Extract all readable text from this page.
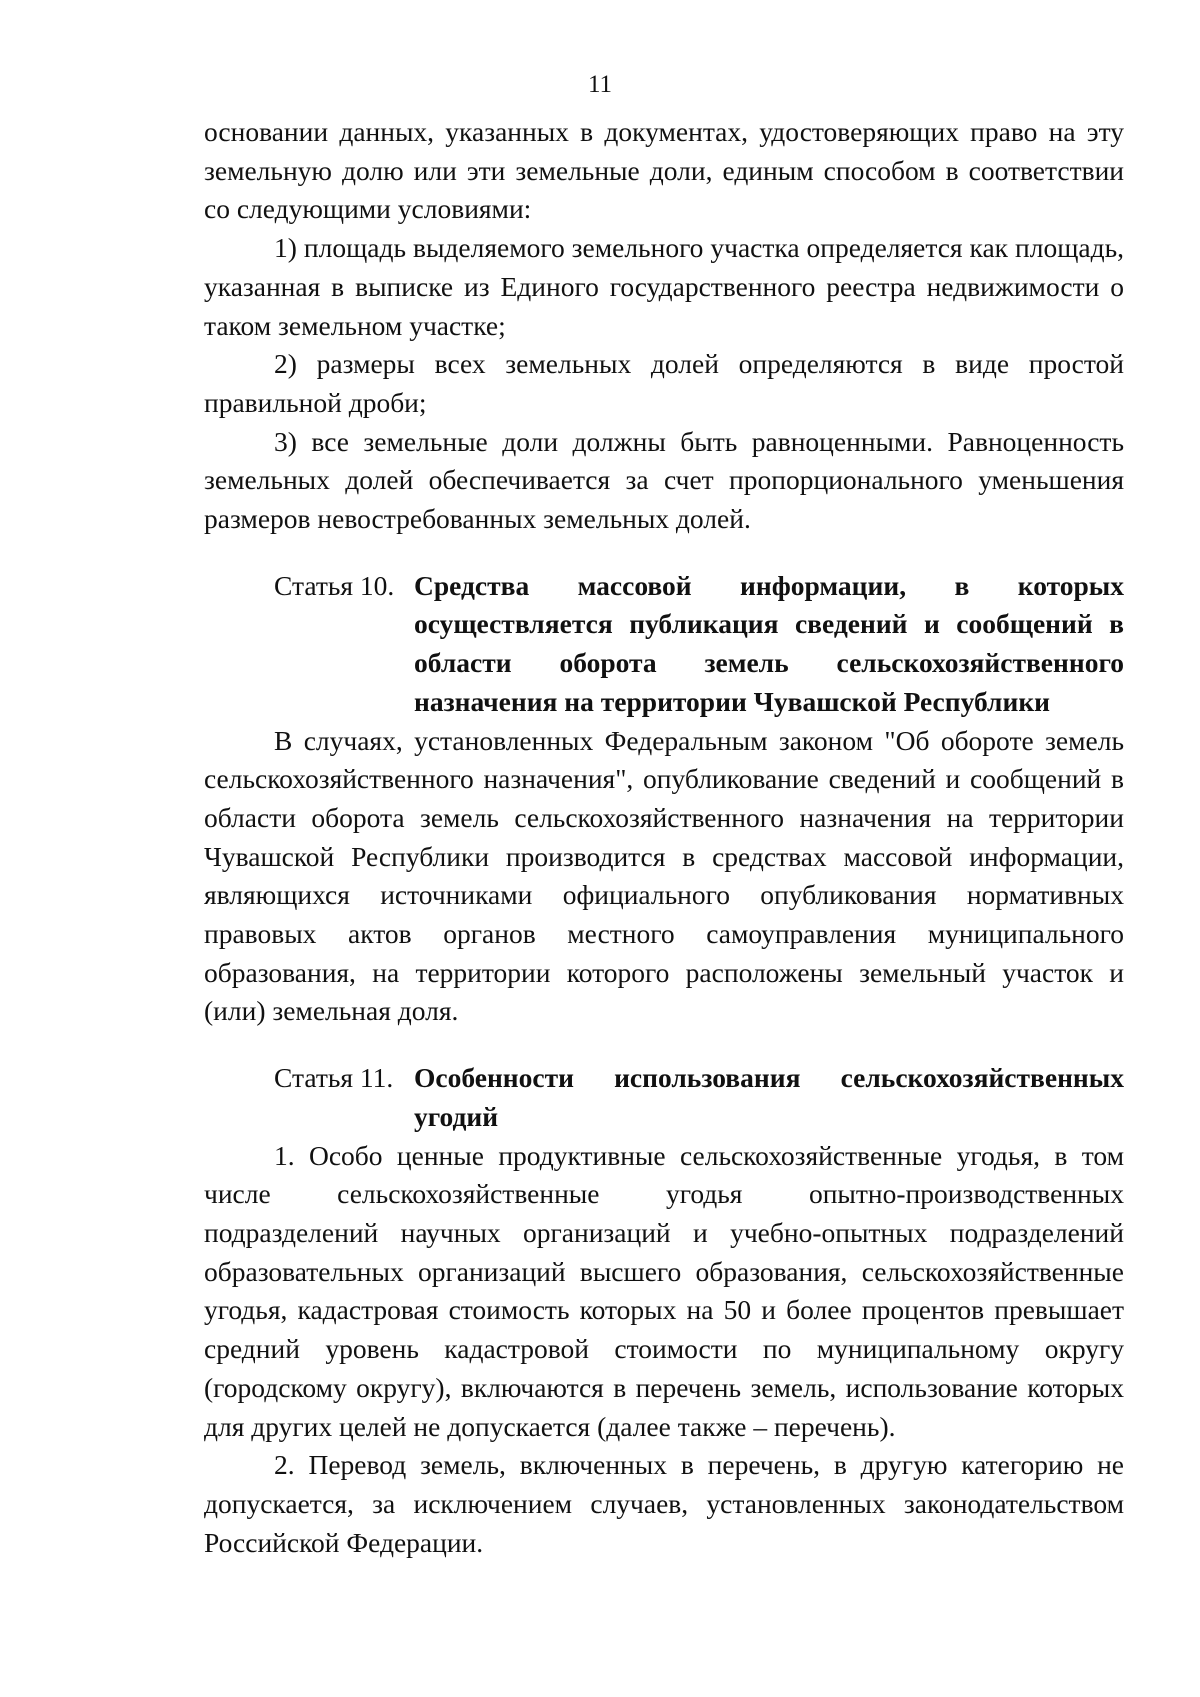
11

основании данных, указанных в документах, удостоверяющих право на эту земельную долю или эти земельные доли, единым способом в соответствии со следующими условиями:

1) площадь выделяемого земельного участка определяется как площадь, указанная в выписке из Единого государственного реестра недвижимости о таком земельном участке;

2) размеры всех земельных долей определяются в виде простой правильной дроби;

3) все земельные доли должны быть равноценными. Равноценность земельных долей обеспечивается за счет пропорционального уменьшения размеров невостребованных земельных долей.

Статья 10. Средства массовой информации, в которых осуществляется публикация сведений и сообщений в области оборота земель сельскохозяйственного назначения на территории Чувашской Республики

В случаях, установленных Федеральным законом "Об обороте земель сельскохозяйственного назначения", опубликование сведений и сообщений в области оборота земель сельскохозяйственного назначения на территории Чувашской Республики производится в средствах массовой информации, являющихся источниками официального опубликования нормативных правовых актов органов местного самоуправления муниципального образования, на территории которого расположены земельный участок и (или) земельная доля.

Статья 11. Особенности использования сельскохозяйственных угодий

1. Особо ценные продуктивные сельскохозяйственные угодья, в том числе сельскохозяйственные угодья опытно-производственных подразделений научных организаций и учебно-опытных подразделений образовательных организаций высшего образования, сельскохозяйственные угодья, кадастровая стоимость которых на 50 и более процентов превышает средний уровень кадастровой стоимости по муниципальному округу (городскому округу), включаются в перечень земель, использование которых для других целей не допускается (далее также – перечень).

2. Перевод земель, включенных в перечень, в другую категорию не допускается, за исключением случаев, установленных законодательством Российской Федерации.
